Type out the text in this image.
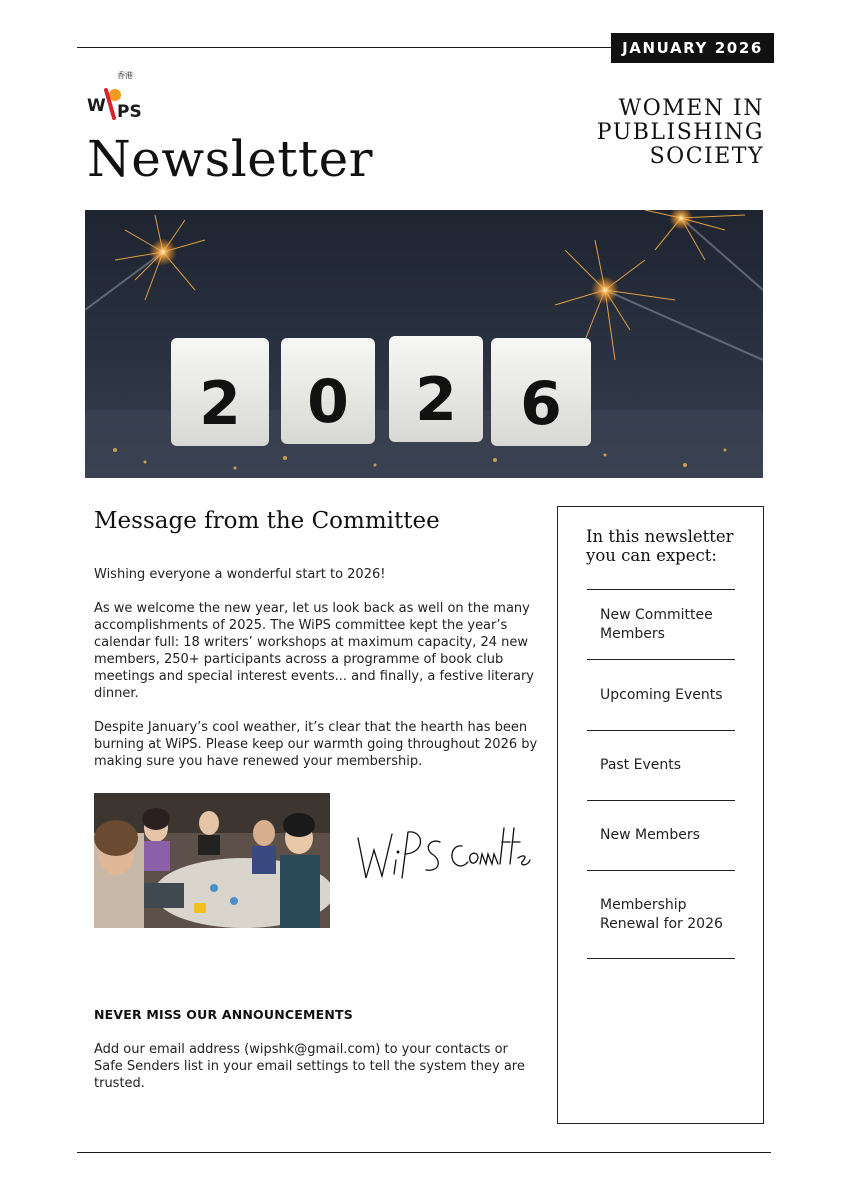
JANUARY 2026
香港
W PS
Newsletter
WOMEN IN
PUBLISHING
SOCIETY
2 0 2 6
Message from the Committee

Wishing everyone a wonderful start to 2026!

As we welcome the new year, let us look back as well on the many accomplishments of 2025. The WiPS committee kept the year’s calendar full: 18 writers’ workshops at maximum capacity, 24 new members, 250+ participants across a programme of book club meetings and special interest events... and finally, a festive literary dinner.

Despite January’s cool weather, it’s clear that the hearth has been burning at WiPS. Please keep our warmth going throughout 2026 by making sure you have renewed your membership.

NEVER MISS OUR ANNOUNCEMENTS
Add our email address (wipshk@gmail.com) to your contacts or Safe Senders list in your email settings to tell the system they are trusted.
In this newsletter you can expect:
New Committee Members
Upcoming Events
Past Events
New Members
Membership Renewal for 2026
